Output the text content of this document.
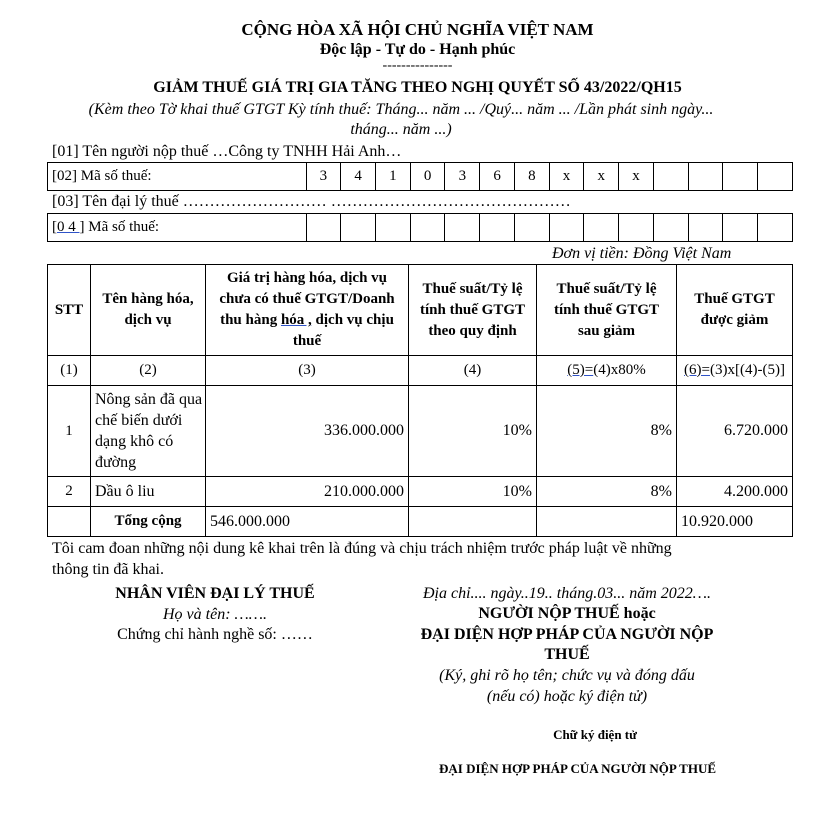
CỘNG HÒA XÃ HỘI CHỦ NGHĨA VIỆT NAM
Độc lập - Tự do - Hạnh phúc
---------------
GIẢM THUẾ GIÁ TRỊ GIA TĂNG THEO NGHỊ QUYẾT SỐ 43/2022/QH15
(Kèm theo Tờ khai thuế GTGT Kỳ tính thuế: Tháng... năm ... /Quý... năm ... /Lần phát sinh ngày...
tháng... năm ...)
[01] Tên người nộp thuế …Công ty TNHH Hải Anh…
[02] Mã số thuế:	3	4	1	0	3	6	8	x	x	x				
[03] Tên đại lý thuế ……………………… ………………………………………
[0 4 ] Mã số thuế:														
Đơn vị tiền: Đồng Việt Nam
STT	Tên hàng hóa, dịch vụ	Giá trị hàng hóa, dịch vụ chưa có thuế GTGT/Doanh thu hàng hóa , dịch vụ chịu thuế	Thuế suất/Tỷ lệ tính thuế GTGT theo quy định	Thuế suất/Tỷ lệ tính thuế GTGT sau giảm	Thuế GTGT được giảm
(1)	(2)	(3)	(4)	(5)=(4)x80%	(6)=(3)x[(4)-(5)]
1	Nông sản đã qua chế biến dưới dạng khô có đường	336.000.000	10%	8%	6.720.000
2	Dầu ô liu	210.000.000	10%	8%	4.200.000
	Tổng cộng	546.000.000			10.920.000
Tôi cam đoan những nội dung kê khai trên là đúng và chịu trách nhiệm trước pháp luật về những
thông tin đã khai.
NHÂN VIÊN ĐẠI LÝ THUẾ
Họ và tên: …….
Chứng chỉ hành nghề số: ……
Địa chỉ.... ngày..19.. tháng.03... năm 2022….
NGƯỜI NỘP THUẾ hoặc
ĐẠI DIỆN HỢP PHÁP CỦA NGƯỜI NỘP
THUẾ
(Ký, ghi rõ họ tên; chức vụ và đóng dấu
(nếu có) hoặc ký điện tử)
Chữ ký điện tử
ĐẠI DIỆN HỢP PHÁP CỦA NGƯỜI NỘP THUẾ
